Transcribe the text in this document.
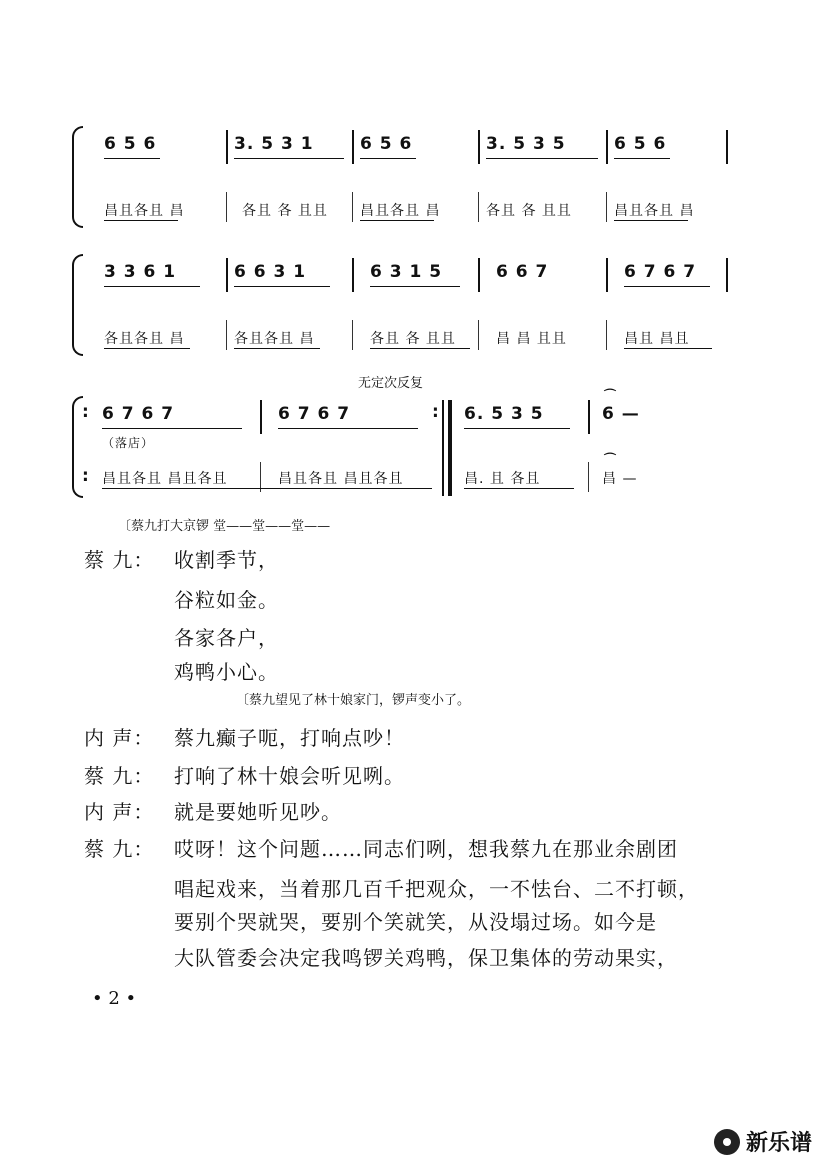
6 5 6	3. 5 3 1	6 5 6	3. 5 3 5	6 5 6
昌且各且 昌	各且 各 且且 昌且各且 昌	各且 各 且且	昌且各且 昌
3 3 6 1	6 6 3 1	6 3 1 5	6 6 7	6 7 6 7
各且各且 昌	各且各且 昌	各且 各 且且	昌 昌 且且	昌且 昌且
无定次反复
:
:
:
6 7 6 7	6 7 6 7	6. 5 3 5	6 —
⌒
（落店）
昌且各且 昌且各且	昌且各且 昌且各且	昌. 且 各且	昌 —
⌒
〔蔡九打大京锣 堂——堂——堂——
蔡 九： 收割季节，
谷粒如金。
各家各户，
鸡鸭小心。
〔蔡九望见了林十娘家门，锣声变小了。
内 声： 蔡九癫子呃，打响点吵！
蔡 九： 打响了林十娘会听见咧。
内 声： 就是要她听见吵。
蔡 九： 哎呀！这个问题……同志们咧，想我蔡九在那业余剧团
唱起戏来，当着那几百千把观众，一不怯台、二不打顿，
要别个哭就哭，要别个笑就笑，从没塌过场。如今是
大队管委会决定我鸣锣关鸡鸭，保卫集体的劳动果实，
• 2 •
新乐谱
